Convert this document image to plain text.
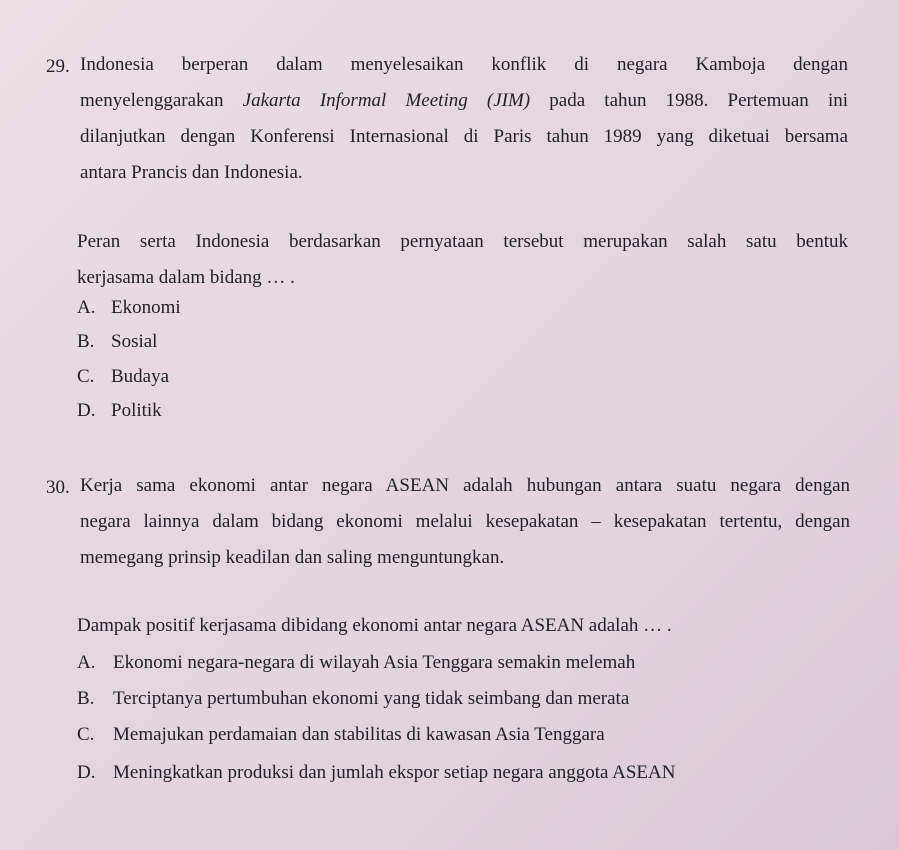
29. Indonesia berperan dalam menyelesaikan konflik di negara Kamboja dengan
menyelenggarakan Jakarta Informal Meeting (JIM) pada tahun 1988. Pertemuan ini
dilanjutkan dengan Konferensi Internasional di Paris tahun 1989 yang diketuai bersama
antara Prancis dan Indonesia.
Peran serta Indonesia berdasarkan pernyataan tersebut merupakan salah satu bentuk
kerjasama dalam bidang … .
A. Ekonomi
B. Sosial
C. Budaya
D. Politik
30. Kerja sama ekonomi antar negara ASEAN adalah hubungan antara suatu negara dengan
negara lainnya dalam bidang ekonomi melalui kesepakatan – kesepakatan tertentu, dengan
memegang prinsip keadilan dan saling menguntungkan.
Dampak positif kerjasama dibidang ekonomi antar negara ASEAN adalah … .
A. Ekonomi negara-negara di wilayah Asia Tenggara semakin melemah
B. Terciptanya pertumbuhan ekonomi yang tidak seimbang dan merata
C. Memajukan perdamaian dan stabilitas di kawasan Asia Tenggara
D. Meningkatkan produksi dan jumlah ekspor setiap negara anggota ASEAN
